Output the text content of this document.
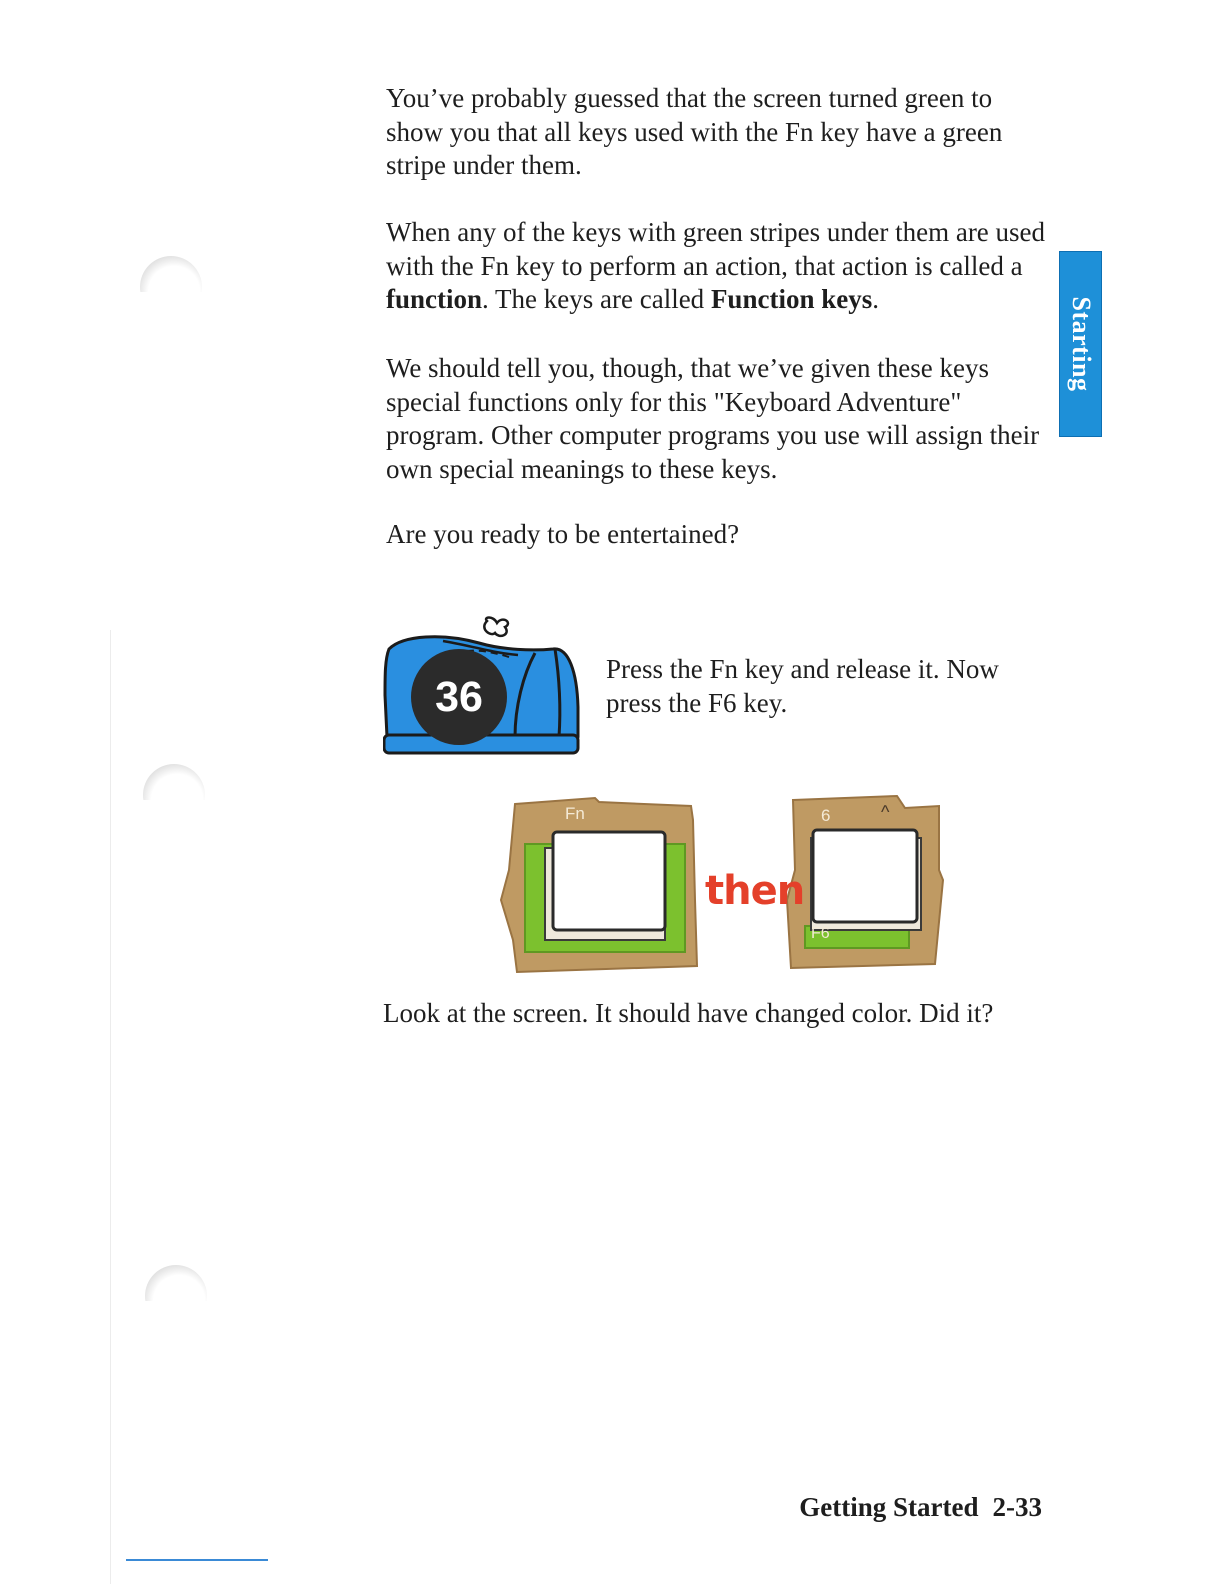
Starting

You’ve probably guessed that the screen turned green to show you that all keys used with the Fn key have a green stripe under them.

When any of the keys with green stripes under them are used with the Fn key to perform an action, that action is called a function. The keys are called Function keys.

We should tell you, though, that we’ve given these keys special functions only for this "Keyboard Adventure" program. Other computer programs you use will assign their own special meanings to these keys.

Are you ready to be entertained?

36

Press the Fn key and release it. Now press the F6 key.

Fn	6	^
F6
then

Look at the screen. It should have changed color. Did it?

Getting Started 2-33
